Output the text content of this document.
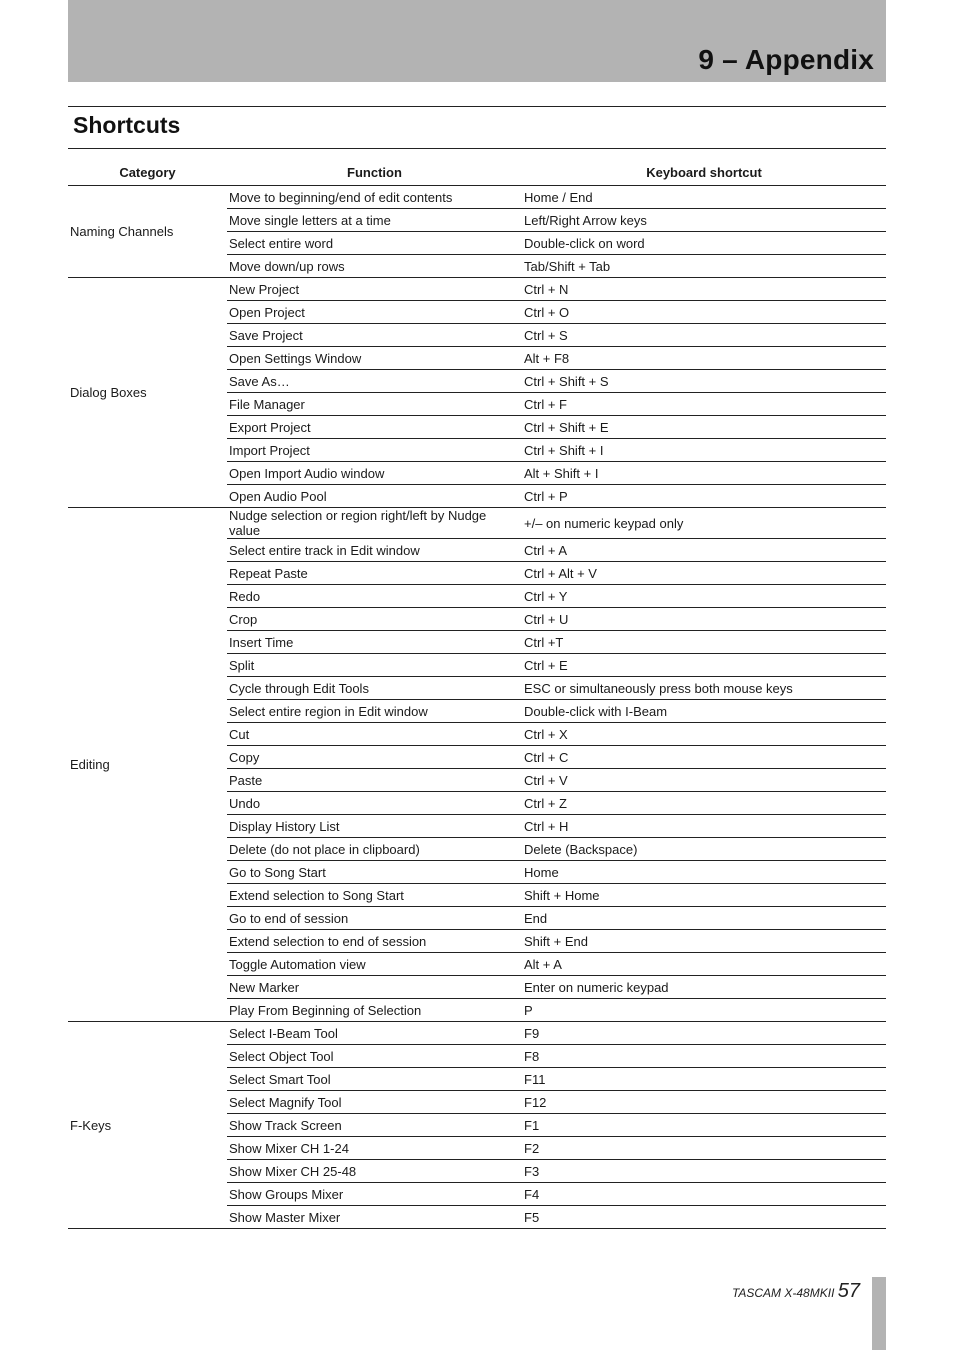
9 – Appendix
Shortcuts
Category	Function	Keyboard shortcut
Naming Channels	Move to beginning/end of edit contents	Home / End
	Move single letters at a time	Left/Right Arrow keys
	Select entire word	Double-click on word
	Move down/up rows	Tab/Shift + Tab
Dialog Boxes	New Project	Ctrl + N
	Open Project	Ctrl + O
	Save Project	Ctrl + S
	Open Settings Window	Alt + F8
	Save As…	Ctrl + Shift + S
	File Manager	Ctrl + F
	Export Project	Ctrl + Shift + E
	Import Project	Ctrl + Shift + I
	Open Import Audio window	Alt + Shift + I
	Open Audio Pool	Ctrl + P
Editing	Nudge selection or region right/left by Nudge value	+/– on numeric keypad only
	Select entire track in Edit window	Ctrl + A
	Repeat Paste	Ctrl + Alt + V
	Redo	Ctrl + Y
	Crop	Ctrl + U
	Insert Time	Ctrl +T
	Split	Ctrl + E
	Cycle through Edit Tools	ESC or simultaneously press both mouse keys
	Select entire region in Edit window	Double-click with I-Beam
	Cut	Ctrl + X
	Copy	Ctrl + C
	Paste	Ctrl + V
	Undo	Ctrl + Z
	Display History List	Ctrl + H
	Delete (do not place in clipboard)	Delete (Backspace)
	Go to Song Start	Home
	Extend selection to Song Start	Shift + Home
	Go to end of session	End
	Extend selection to end of session	Shift + End
	Toggle Automation view	Alt + A
	New Marker	Enter on numeric keypad
	Play From Beginning of Selection	P
F-Keys	Select I-Beam Tool	F9
	Select Object Tool	F8
	Select Smart Tool	F11
	Select Magnify Tool	F12
	Show Track Screen	F1
	Show Mixer CH 1-24	F2
	Show Mixer CH 25-48	F3
	Show Groups Mixer	F4
	Show Master Mixer	F5
TASCAM X-48MKII 57
